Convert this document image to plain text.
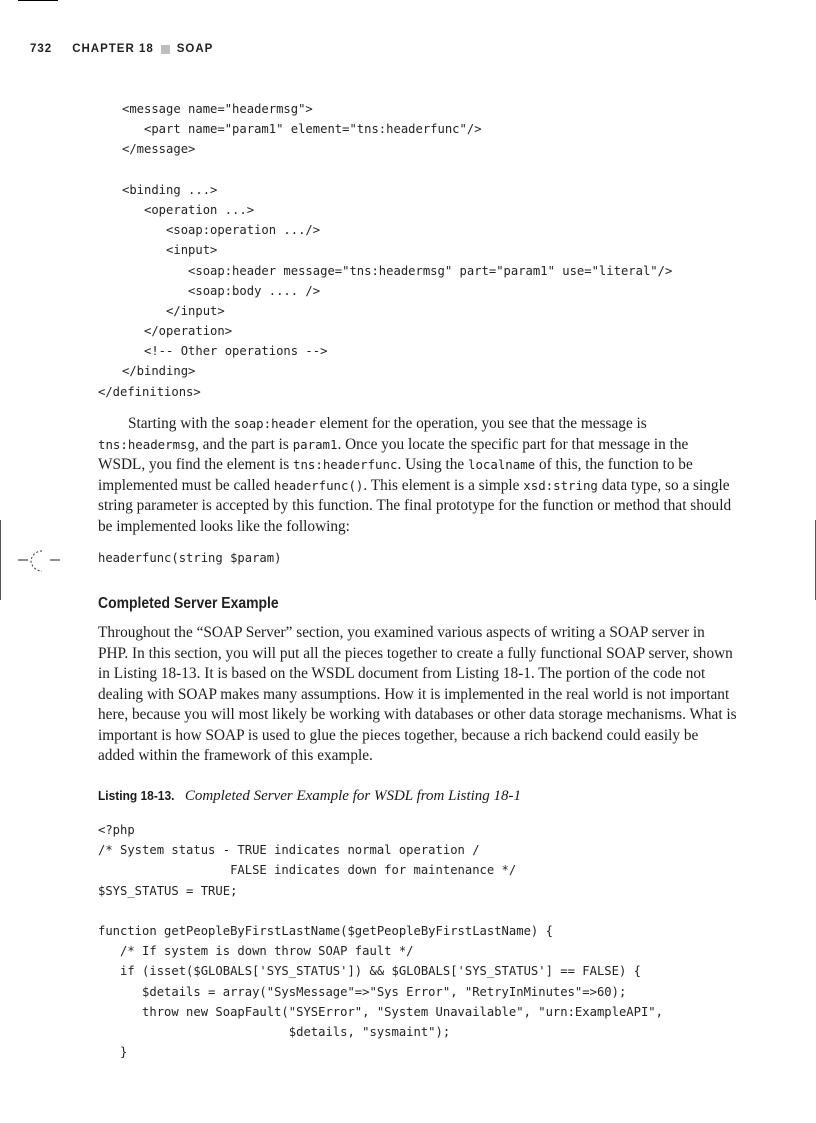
732 CHAPTER 18 SOAP
<message name="headermsg">
<part name="param1" element="tns:headerfunc"/>
</message>
<binding ...>
<operation ...>
<soap:operation .../>
<input>
<soap:header message="tns:headermsg" part="param1" use="literal"/>
<soap:body .... />
</input>
</operation>
<!-- Other operations -->
</binding>
</definitions>

Starting with the soap:header element for the operation, you see that the message is tns:headermsg, and the part is param1. Once you locate the specific part for that message in the WSDL, you find the element is tns:headerfunc. Using the localname of this, the function to be implemented must be called headerfunc(). This element is a simple xsd:string data type, so a single string parameter is accepted by this function. The final prototype for the function or method that should be implemented looks like the following:

headerfunc(string $param)
Completed Server Example

Throughout the “SOAP Server” section, you examined various aspects of writing a SOAP server in PHP. In this section, you will put all the pieces together to create a fully functional SOAP server, shown in Listing 18-13. It is based on the WSDL document from Listing 18-1. The portion of the code not dealing with SOAP makes many assumptions. How it is implemented in the real world is not important here, because you will most likely be working with databases or other data storage mechanisms. What is important is how SOAP is used to glue the pieces together, because a rich backend could easily be added within the framework of this example.

Listing 18-13. Completed Server Example for WSDL from Listing 18-1
<?php
/* System status - TRUE indicates normal operation /
FALSE indicates down for maintenance */
$SYS_STATUS = TRUE;
function getPeopleByFirstLastName($getPeopleByFirstLastName) {
/* If system is down throw SOAP fault */
if (isset($GLOBALS['SYS_STATUS']) && $GLOBALS['SYS_STATUS'] == FALSE) {
$details = array("SysMessage"=>"Sys Error", "RetryInMinutes"=>60);
throw new SoapFault("SYSError", "System Unavailable", "urn:ExampleAPI",
$details, "sysmaint");
}
